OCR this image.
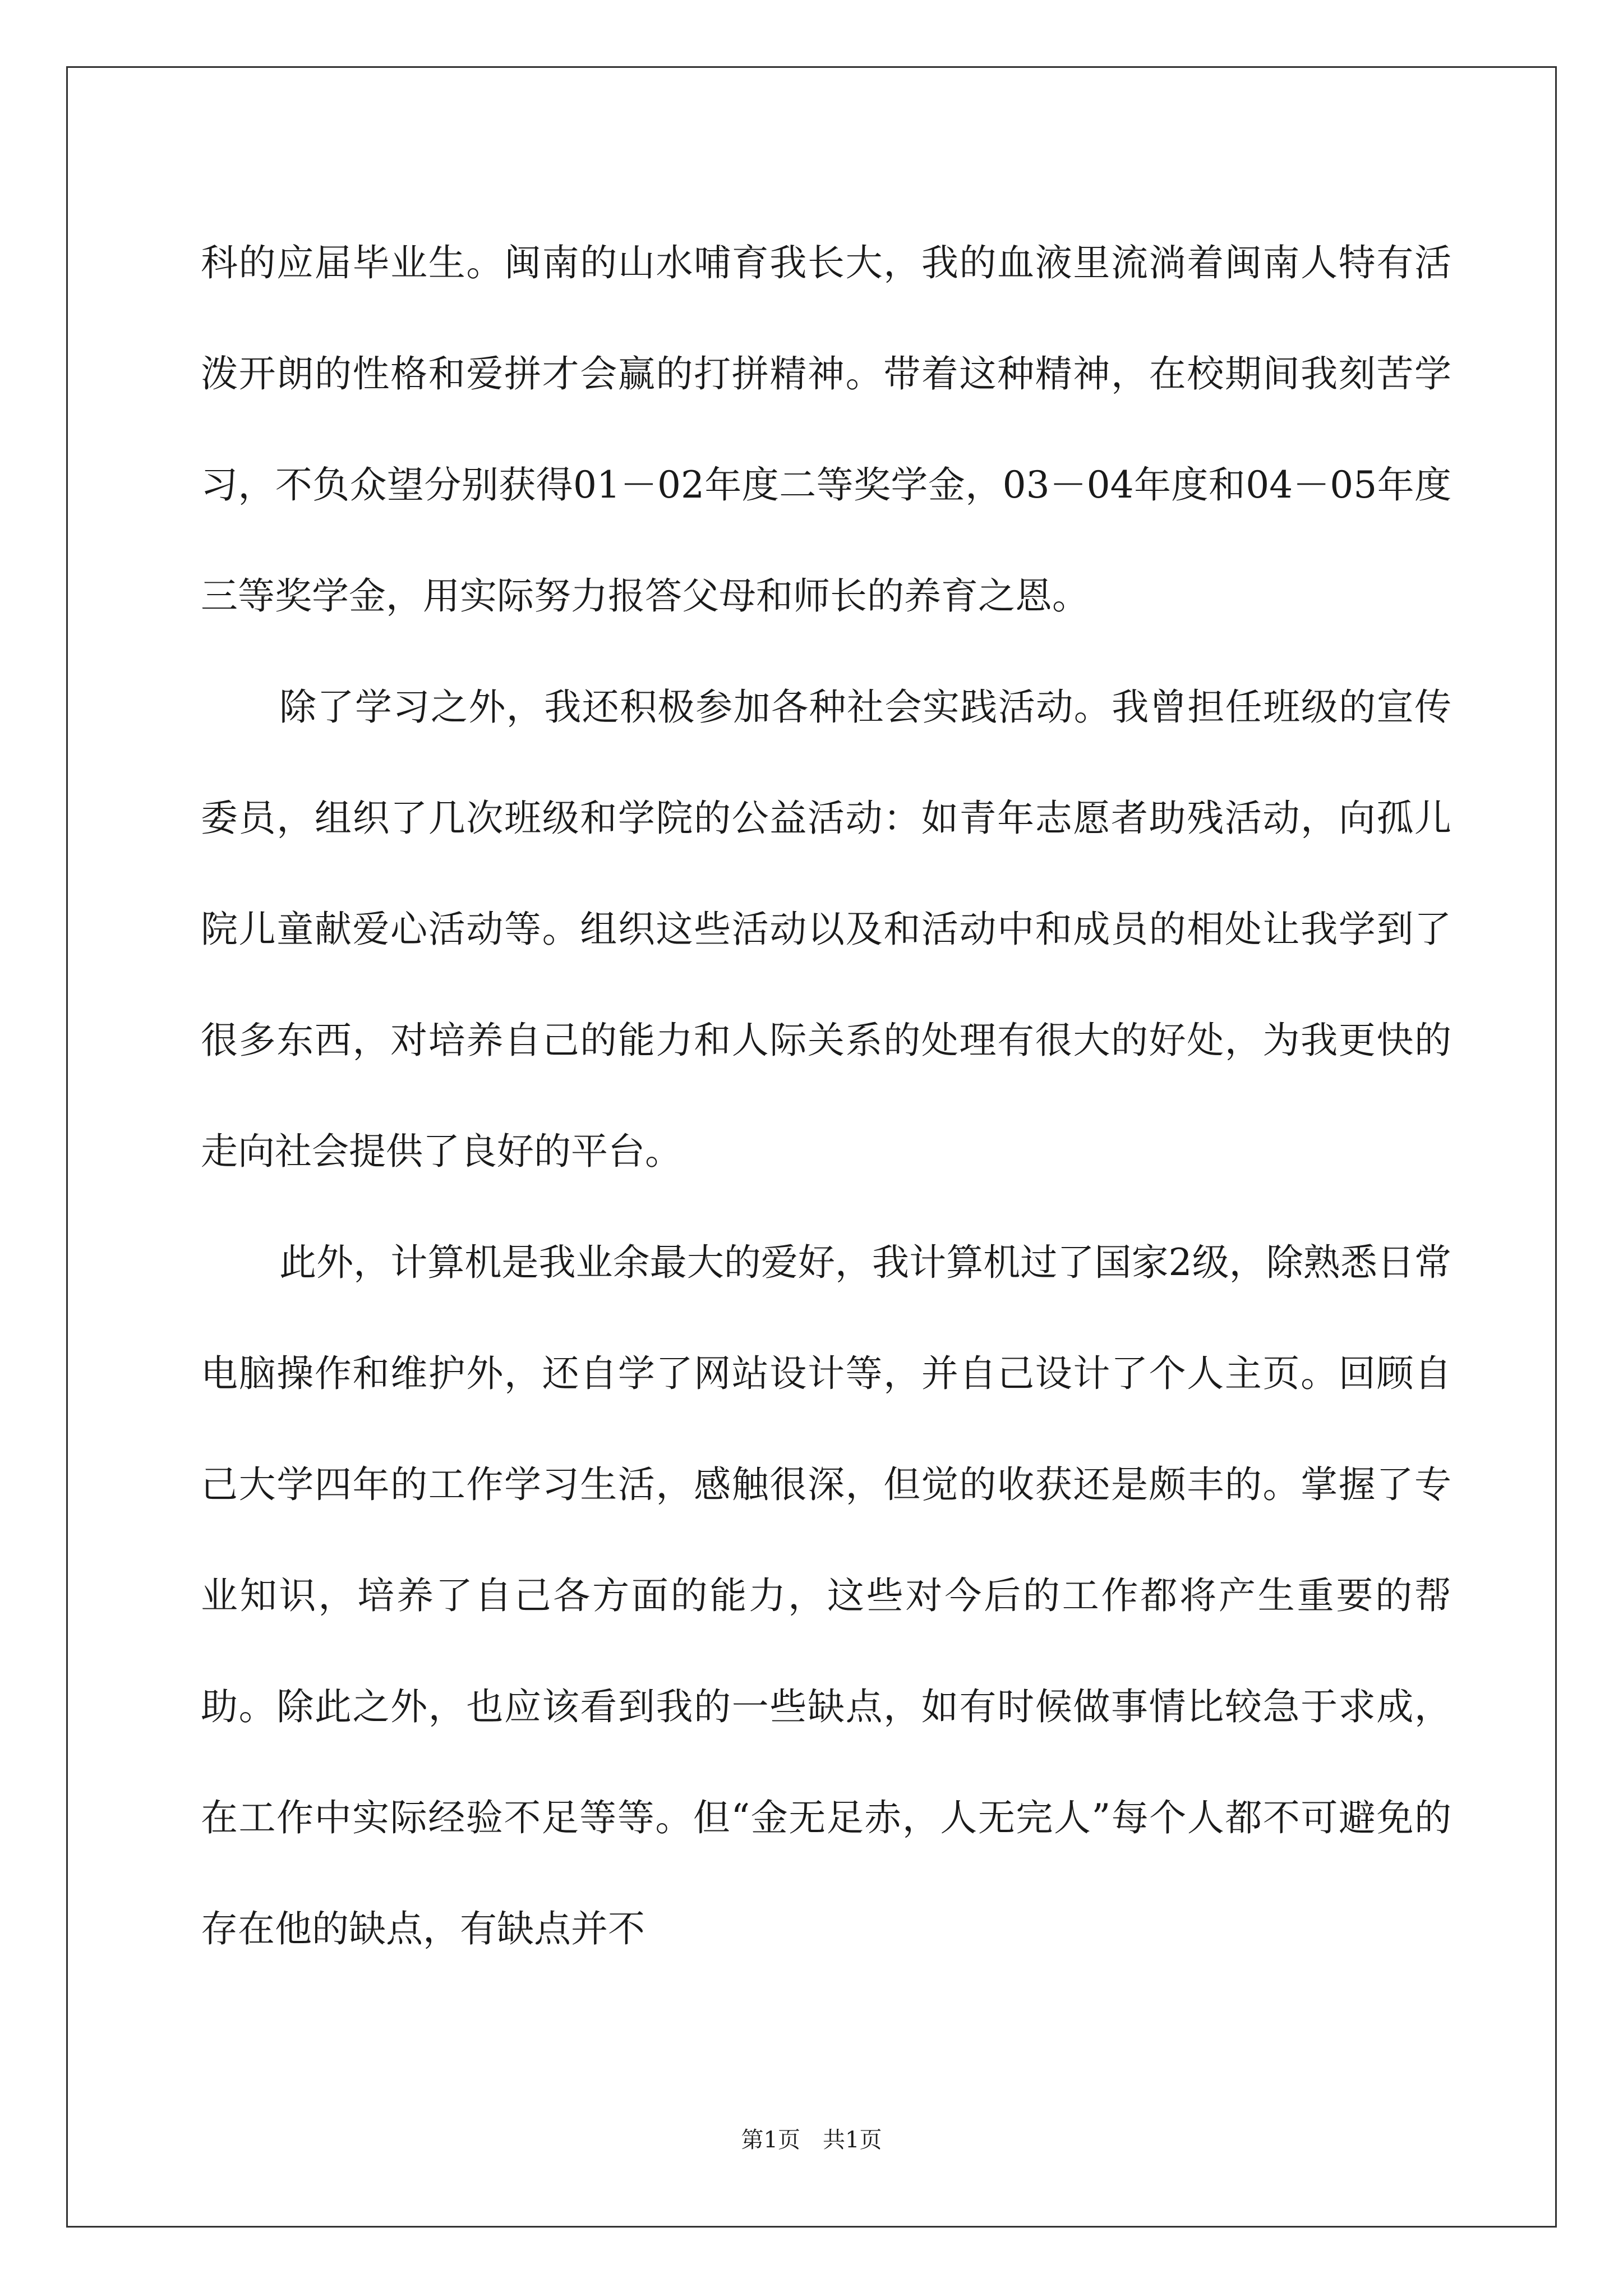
科的应届毕业生。闽南的山水哺育我长大，我的血液里流淌着闽南人特有活泼开朗的性格和爱拼才会赢的打拼精神。带着这种精神，在校期间我刻苦学习，不负众望分别获得01－02年度二等奖学金，03－04年度和04－05年度三等奖学金，用实际努力报答父母和师长的养育之恩。

除了学习之外，我还积极参加各种社会实践活动。我曾担任班级的宣传委员，组织了几次班级和学院的公益活动：如青年志愿者助残活动，向孤儿院儿童献爱心活动等。组织这些活动以及和活动中和成员的相处让我学到了很多东西，对培养自己的能力和人际关系的处理有很大的好处，为我更快的走向社会提供了良好的平台。

此外，计算机是我业余最大的爱好，我计算机过了国家2级，除熟悉日常电脑操作和维护外，还自学了网站设计等，并自己设计了个人主页。回顾自己大学四年的工作学习生活，感触很深，但觉的收获还是颇丰的。掌握了专业知识，培养了自己各方面的能力，这些对今后的工作都将产生重要的帮助。除此之外，也应该看到我的一些缺点，如有时候做事情比较急于求成，在工作中实际经验不足等等。但“金无足赤，人无完人”每个人都不可避免的存在他的缺点，有缺点并不

第1页　共1页
